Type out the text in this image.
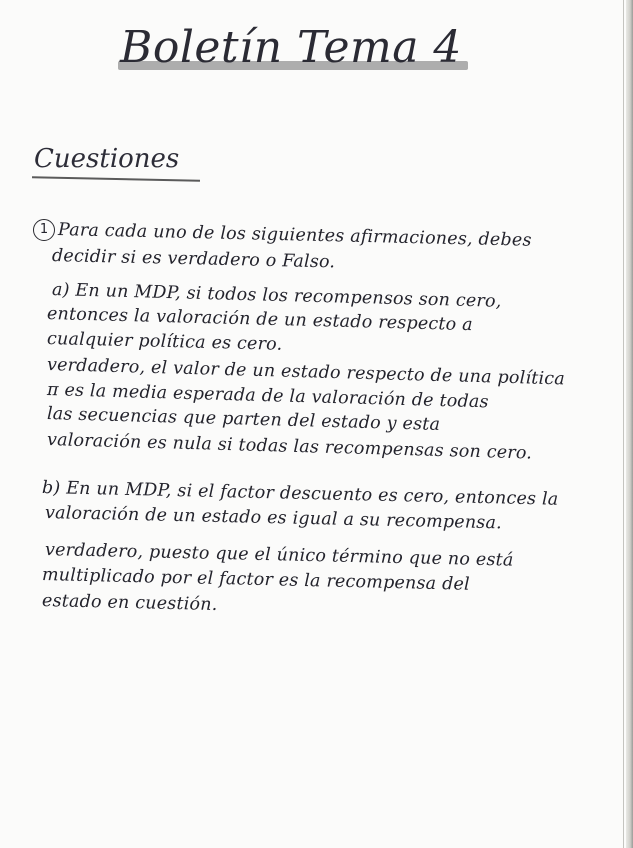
Boletín Tema 4
Cuestiones
1 Para cada uno de los siguientes afirmaciones, debes
decidir si es verdadero o Falso.
a) En un MDP, si todos los recompensos son cero,
entonces la valoración de un estado respecto a
cualquier política es cero.
verdadero, el valor de un estado respecto de una política
π es la media esperada de la valoración de todas
las secuencias que parten del estado y esta
valoración es nula si todas las recompensas son cero.
b) En un MDP, si el factor descuento es cero, entonces la
valoración de un estado es igual a su recompensa.
verdadero, puesto que el único término que no está
multiplicado por el factor es la recompensa del
estado en cuestión.
